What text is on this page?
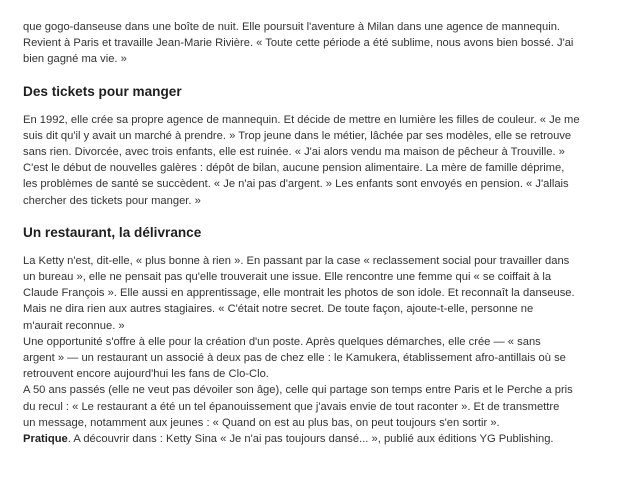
que gogo-danseuse dans une boîte de nuit. Elle poursuit l'aventure à Milan dans une agence de mannequin.
Revient à Paris et travaille Jean-Marie Rivière. « Toute cette période a été sublime, nous avons bien bossé. J'ai
bien gagné ma vie. »

Des tickets pour manger

En 1992, elle crée sa propre agence de mannequin. Et décide de mettre en lumière les filles de couleur. « Je me
suis dit qu'il y avait un marché à prendre. » Trop jeune dans le métier, lâchée par ses modèles, elle se retrouve
sans rien. Divorcée, avec trois enfants, elle est ruinée. « J'ai alors vendu ma maison de pêcheur à Trouville. »
C'est le début de nouvelles galères : dépôt de bilan, aucune pension alimentaire. La mère de famille déprime,
les problèmes de santé se succèdent. « Je n'ai pas d'argent. » Les enfants sont envoyés en pension. « J'allais
chercher des tickets pour manger. »

Un restaurant, la délivrance

La Ketty n'est, dit-elle, « plus bonne à rien ». En passant par la case « reclassement social pour travailler dans
un bureau », elle ne pensait pas qu'elle trouverait une issue. Elle rencontre une femme qui « se coiffait à la
Claude François ». Elle aussi en apprentissage, elle montrait les photos de son idole. Et reconnaît la danseuse.
Mais ne dira rien aux autres stagiaires. « C'était notre secret. De toute façon, ajoute-t-elle, personne ne
m'aurait reconnue. »
Une opportunité s'offre à elle pour la création d'un poste. Après quelques démarches, elle crée — « sans
argent » — un restaurant un associé à deux pas de chez elle : le Kamukera, établissement afro-antillais où se
retrouvent encore aujourd'hui les fans de Clo-Clo.
A 50 ans passés (elle ne veut pas dévoiler son âge), celle qui partage son temps entre Paris et le Perche a pris
du recul : « Le restaurant a été un tel épanouissement que j'avais envie de tout raconter ». Et de transmettre
un message, notamment aux jeunes : « Quand on est au plus bas, on peut toujours s'en sortir ».
Pratique. A découvrir dans : Ketty Sina « Je n'ai pas toujours dansé... », publié aux éditions YG Publishing.
